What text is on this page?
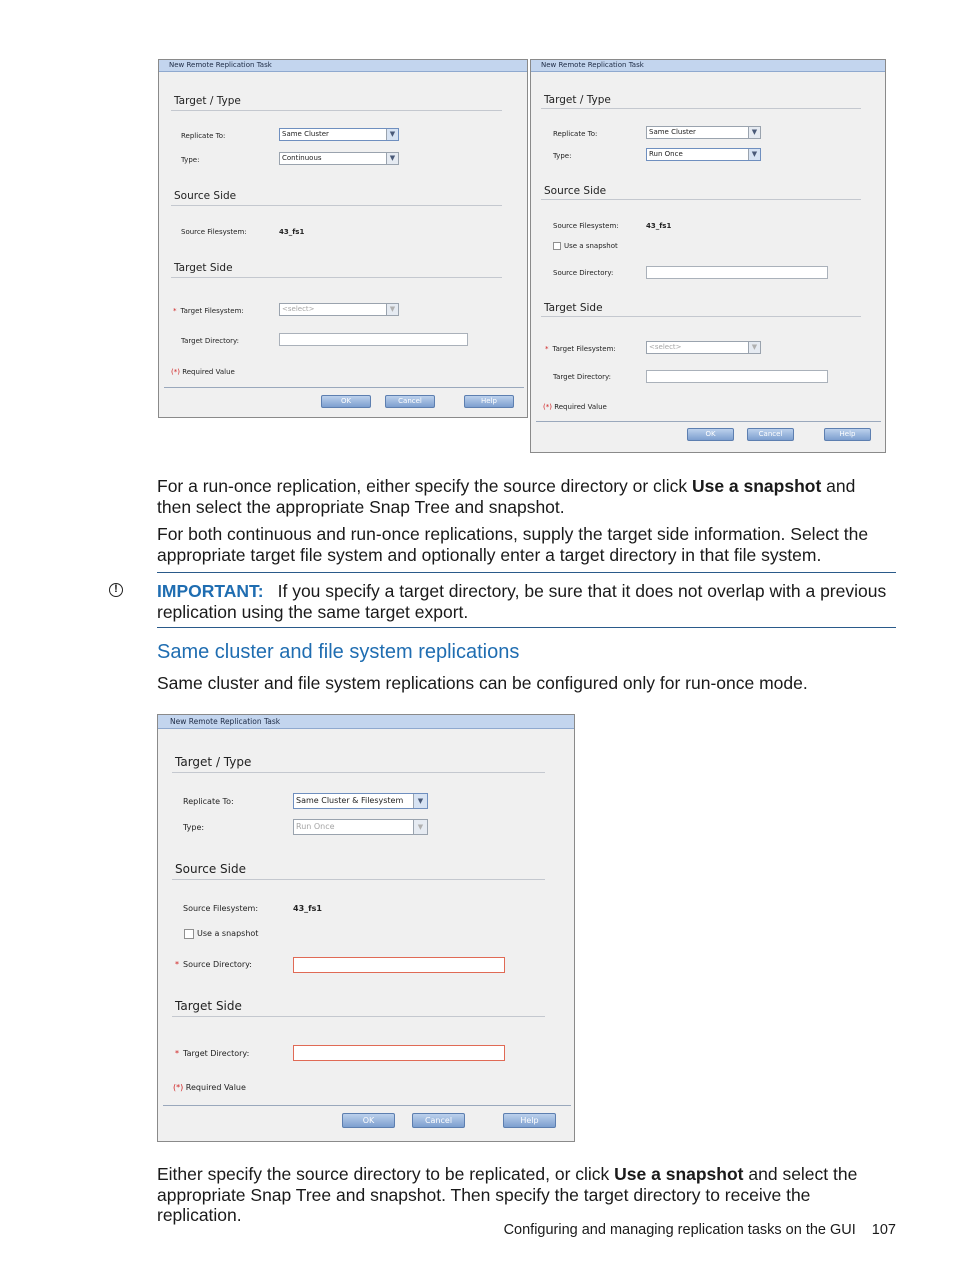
New Remote Replication Task
Target / Type
Replicate To:	Same Cluster	▼
Type:	Continuous	▼
Source Side
Source Filesystem:	43_fs1
Target Side
* Target Filesystem:	<select>	▼
Target Directory:
(*) Required Value
OK	Cancel	Help
New Remote Replication Task
Target / Type
Replicate To:	Same Cluster	▼
Type:	Run Once	▼
Source Side
Source Filesystem:	43_fs1
Use a snapshot
Source Directory:
Target Side
* Target Filesystem:	<select>	▼
Target Directory:
(*) Required Value
OK	Cancel	Help
For a run-once replication, either specify the source directory or click Use a snapshot and then select the appropriate Snap Tree and snapshot.
For both continuous and run-once replications, supply the target side information. Select the appropriate target file system and optionally enter a target directory in that file system.
! IMPORTANT: If you specify a target directory, be sure that it does not overlap with a previous replication using the same target export.
Same cluster and file system replications
Same cluster and file system replications can be configured only for run-once mode.
New Remote Replication Task
Target / Type
Replicate To:	Same Cluster & Filesystem	▼
Type:	Run Once	▼
Source Side
Source Filesystem:	43_fs1
Use a snapshot
* Source Directory:
Target Side
* Target Directory:
(*) Required Value
OK	Cancel	Help
Either specify the source directory to be replicated, or click Use a snapshot and select the appropriate Snap Tree and snapshot. Then specify the target directory to receive the replication.
Configuring and managing replication tasks on the GUI 107
